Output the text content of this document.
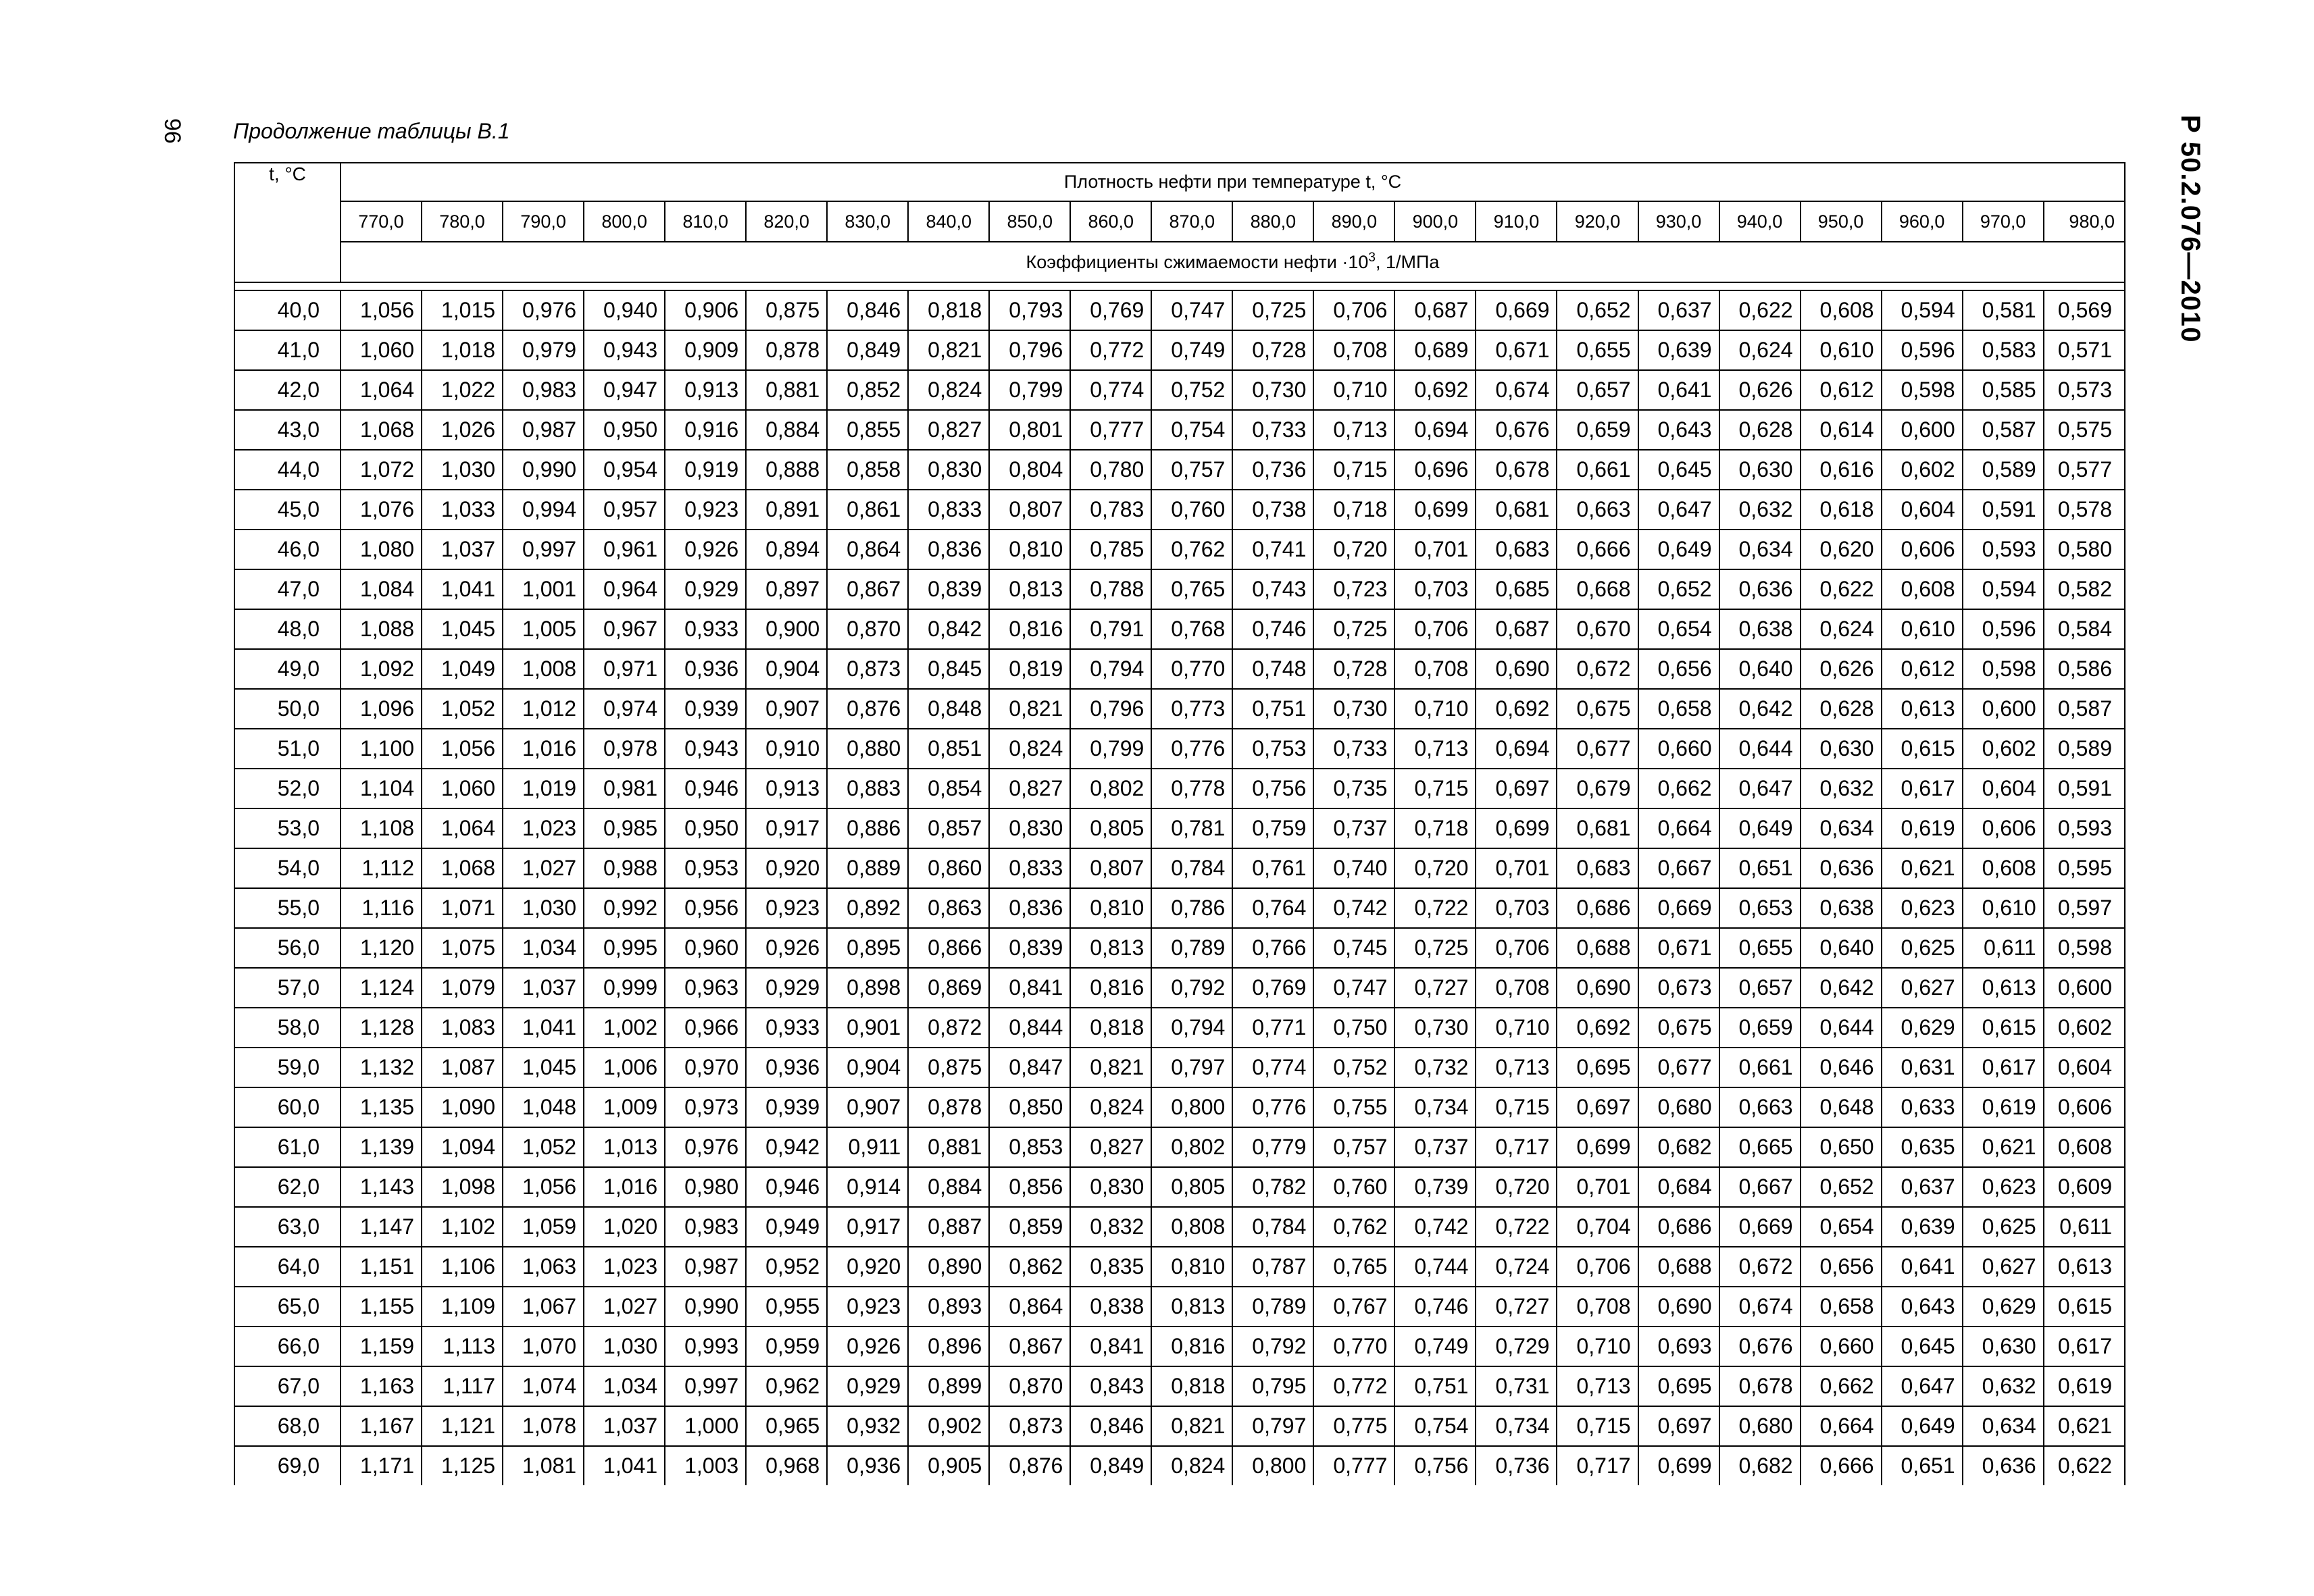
96 Продолжение таблицы В.1	Р 50.2.076—2010
t, °C	Плотность нефти при температуре t, °C																					
	770,0	780,0	790,0	800,0	810,0	820,0	830,0	840,0	850,0	860,0	870,0	880,0	890,0	900,0	910,0	920,0	930,0	940,0	950,0	960,0	970,0	980,0
	Коэффициенты сжимаемости нефти $\cdot 10^3$, 1/МПа																					

40,0	1,056	1,015	0,976	0,940	0,906	0,875	0,846	0,818	0,793	0,769	0,747	0,725	0,706	0,687	0,669	0,652	0,637	0,622	0,608	0,594	0,581	0,569
41,0	1,060	1,018	0,979	0,943	0,909	0,878	0,849	0,821	0,796	0,772	0,749	0,728	0,708	0,689	0,671	0,655	0,639	0,624	0,610	0,596	0,583	0,571
42,0	1,064	1,022	0,983	0,947	0,913	0,881	0,852	0,824	0,799	0,774	0,752	0,730	0,710	0,692	0,674	0,657	0,641	0,626	0,612	0,598	0,585	0,573
43,0	1,068	1,026	0,987	0,950	0,916	0,884	0,855	0,827	0,801	0,777	0,754	0,733	0,713	0,694	0,676	0,659	0,643	0,628	0,614	0,600	0,587	0,575
44,0	1,072	1,030	0,990	0,954	0,919	0,888	0,858	0,830	0,804	0,780	0,757	0,736	0,715	0,696	0,678	0,661	0,645	0,630	0,616	0,602	0,589	0,577
45,0	1,076	1,033	0,994	0,957	0,923	0,891	0,861	0,833	0,807	0,783	0,760	0,738	0,718	0,699	0,681	0,663	0,647	0,632	0,618	0,604	0,591	0,578
46,0	1,080	1,037	0,997	0,961	0,926	0,894	0,864	0,836	0,810	0,785	0,762	0,741	0,720	0,701	0,683	0,666	0,649	0,634	0,620	0,606	0,593	0,580
47,0	1,084	1,041	1,001	0,964	0,929	0,897	0,867	0,839	0,813	0,788	0,765	0,743	0,723	0,703	0,685	0,668	0,652	0,636	0,622	0,608	0,594	0,582
48,0	1,088	1,045	1,005	0,967	0,933	0,900	0,870	0,842	0,816	0,791	0,768	0,746	0,725	0,706	0,687	0,670	0,654	0,638	0,624	0,610	0,596	0,584
49,0	1,092	1,049	1,008	0,971	0,936	0,904	0,873	0,845	0,819	0,794	0,770	0,748	0,728	0,708	0,690	0,672	0,656	0,640	0,626	0,612	0,598	0,586
50,0	1,096	1,052	1,012	0,974	0,939	0,907	0,876	0,848	0,821	0,796	0,773	0,751	0,730	0,710	0,692	0,675	0,658	0,642	0,628	0,613	0,600	0,587
51,0	1,100	1,056	1,016	0,978	0,943	0,910	0,880	0,851	0,824	0,799	0,776	0,753	0,733	0,713	0,694	0,677	0,660	0,644	0,630	0,615	0,602	0,589
52,0	1,104	1,060	1,019	0,981	0,946	0,913	0,883	0,854	0,827	0,802	0,778	0,756	0,735	0,715	0,697	0,679	0,662	0,647	0,632	0,617	0,604	0,591
53,0	1,108	1,064	1,023	0,985	0,950	0,917	0,886	0,857	0,830	0,805	0,781	0,759	0,737	0,718	0,699	0,681	0,664	0,649	0,634	0,619	0,606	0,593
54,0	1,112	1,068	1,027	0,988	0,953	0,920	0,889	0,860	0,833	0,807	0,784	0,761	0,740	0,720	0,701	0,683	0,667	0,651	0,636	0,621	0,608	0,595
55,0	1,116	1,071	1,030	0,992	0,956	0,923	0,892	0,863	0,836	0,810	0,786	0,764	0,742	0,722	0,703	0,686	0,669	0,653	0,638	0,623	0,610	0,597
56,0	1,120	1,075	1,034	0,995	0,960	0,926	0,895	0,866	0,839	0,813	0,789	0,766	0,745	0,725	0,706	0,688	0,671	0,655	0,640	0,625	0,611	0,598
57,0	1,124	1,079	1,037	0,999	0,963	0,929	0,898	0,869	0,841	0,816	0,792	0,769	0,747	0,727	0,708	0,690	0,673	0,657	0,642	0,627	0,613	0,600
58,0	1,128	1,083	1,041	1,002	0,966	0,933	0,901	0,872	0,844	0,818	0,794	0,771	0,750	0,730	0,710	0,692	0,675	0,659	0,644	0,629	0,615	0,602
59,0	1,132	1,087	1,045	1,006	0,970	0,936	0,904	0,875	0,847	0,821	0,797	0,774	0,752	0,732	0,713	0,695	0,677	0,661	0,646	0,631	0,617	0,604
60,0	1,135	1,090	1,048	1,009	0,973	0,939	0,907	0,878	0,850	0,824	0,800	0,776	0,755	0,734	0,715	0,697	0,680	0,663	0,648	0,633	0,619	0,606
61,0	1,139	1,094	1,052	1,013	0,976	0,942	0,911	0,881	0,853	0,827	0,802	0,779	0,757	0,737	0,717	0,699	0,682	0,665	0,650	0,635	0,621	0,608
62,0	1,143	1,098	1,056	1,016	0,980	0,946	0,914	0,884	0,856	0,830	0,805	0,782	0,760	0,739	0,720	0,701	0,684	0,667	0,652	0,637	0,623	0,609
63,0	1,147	1,102	1,059	1,020	0,983	0,949	0,917	0,887	0,859	0,832	0,808	0,784	0,762	0,742	0,722	0,704	0,686	0,669	0,654	0,639	0,625	0,611
64,0	1,151	1,106	1,063	1,023	0,987	0,952	0,920	0,890	0,862	0,835	0,810	0,787	0,765	0,744	0,724	0,706	0,688	0,672	0,656	0,641	0,627	0,613
65,0	1,155	1,109	1,067	1,027	0,990	0,955	0,923	0,893	0,864	0,838	0,813	0,789	0,767	0,746	0,727	0,708	0,690	0,674	0,658	0,643	0,629	0,615
66,0	1,159	1,113	1,070	1,030	0,993	0,959	0,926	0,896	0,867	0,841	0,816	0,792	0,770	0,749	0,729	0,710	0,693	0,676	0,660	0,645	0,630	0,617
67,0	1,163	1,117	1,074	1,034	0,997	0,962	0,929	0,899	0,870	0,843	0,818	0,795	0,772	0,751	0,731	0,713	0,695	0,678	0,662	0,647	0,632	0,619
68,0	1,167	1,121	1,078	1,037	1,000	0,965	0,932	0,902	0,873	0,846	0,821	0,797	0,775	0,754	0,734	0,715	0,697	0,680	0,664	0,649	0,634	0,621
69,0	1,171	1,125	1,081	1,041	1,003	0,968	0,936	0,905	0,876	0,849	0,824	0,800	0,777	0,756	0,736	0,717	0,699	0,682	0,666	0,651	0,636	0,622
